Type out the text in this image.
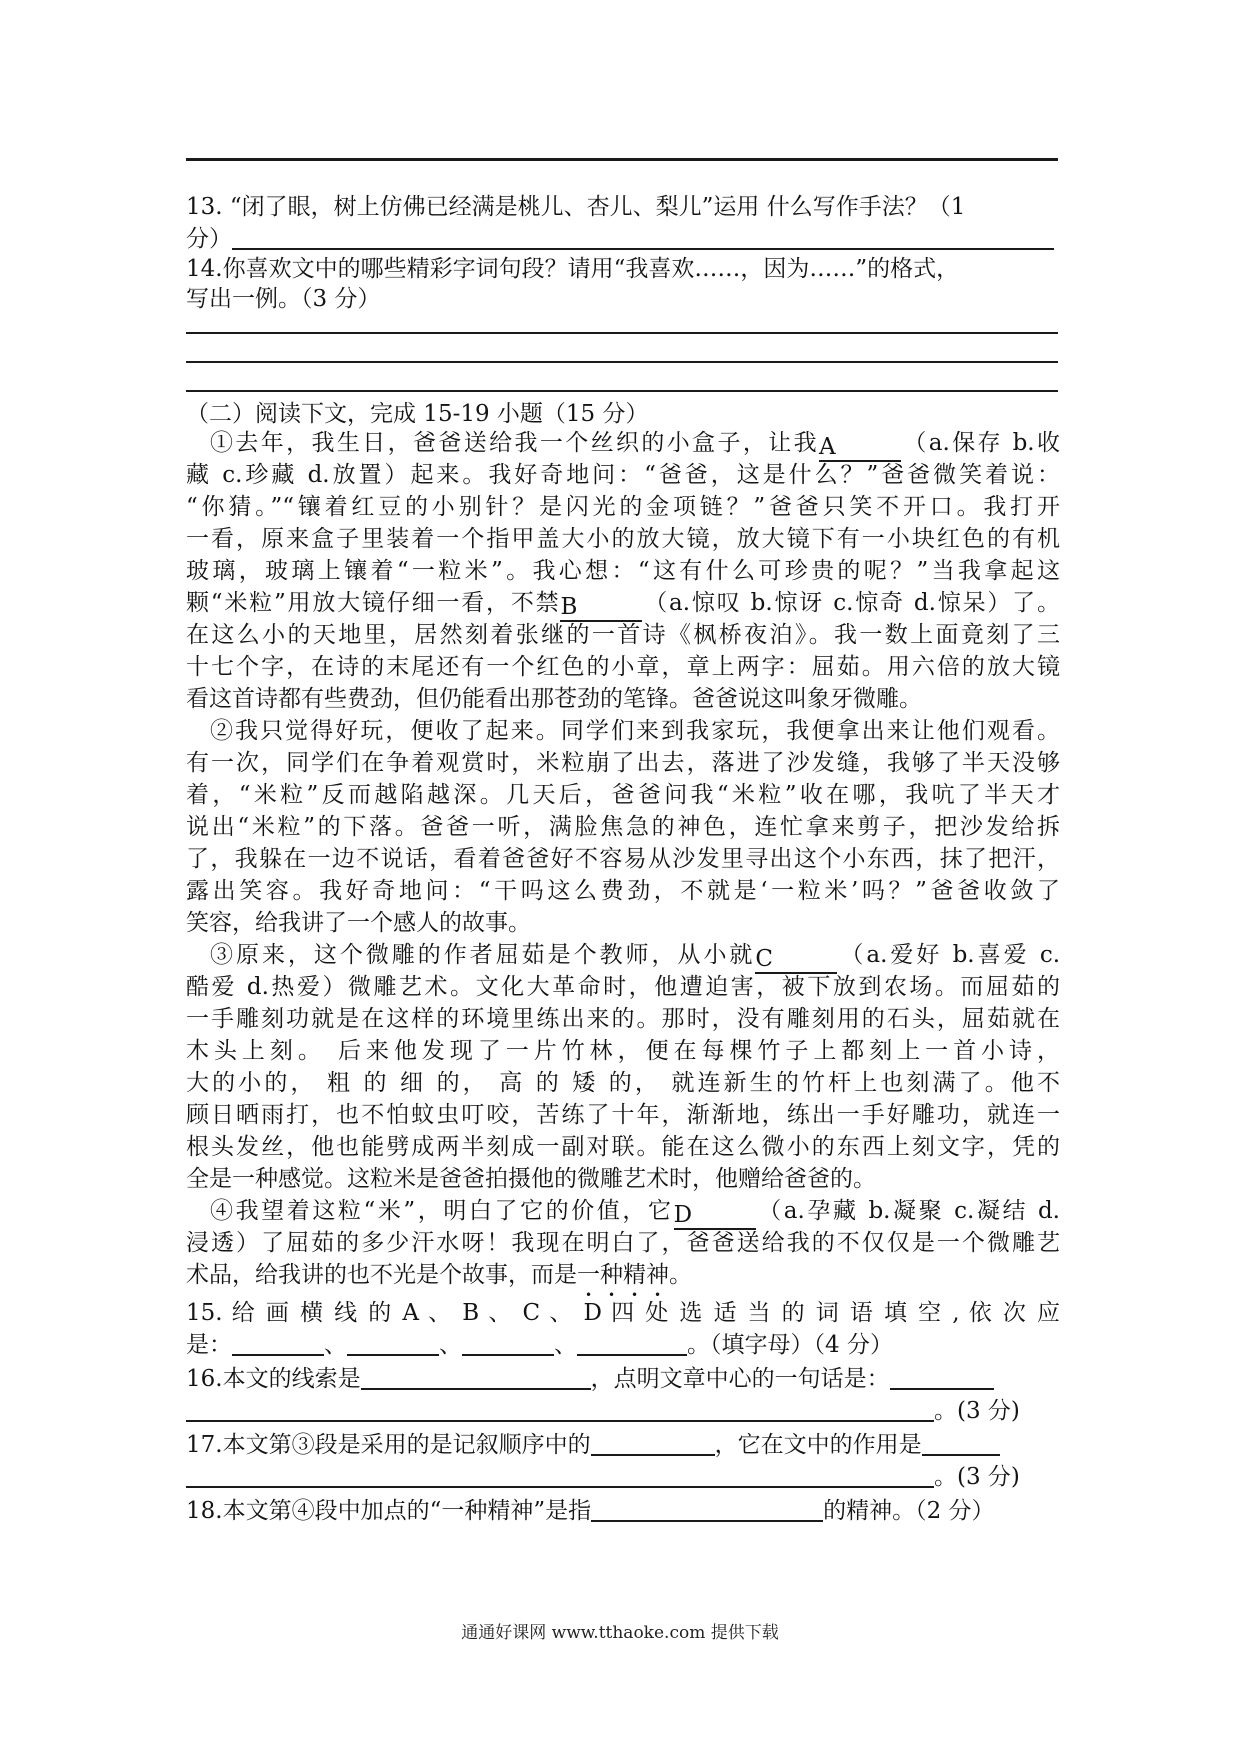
13. “闭了眼，树上仿佛已经满是桃儿、杏儿、梨儿”运用 什么写作手法？（1
分）
14.你喜欢文中的哪些精彩字词句段？请用“我喜欢……，因为……”的格式，
写出一例。（3 分）
（二）阅读下文，完成 15-19 小题（15 分）
①去年，我生日，爸爸送给我一个丝织的小盒子，让我A	（a.保存 b.收
藏 c.珍藏 d.放置）起来。我好奇地问：“爸爸，这是什么？”爸爸微笑着说：
“你猜。”“镶着红豆的小别针？是闪光的金项链？”爸爸只笑不开口。我打开
一看，原来盒子里装着一个指甲盖大小的放大镜，放大镜下有一小块红色的有机
玻璃，玻璃上镶着“一粒米”。我心想：“这有什么可珍贵的呢？”当我拿起这
颗“米粒”用放大镜仔细一看，不禁B	（a.惊叹 b.惊讶 c.惊奇 d.惊呆）了。
在这么小的天地里，居然刻着张继的一首诗《枫桥夜泊》。我一数上面竟刻了三
十七个字，在诗的末尾还有一个红色的小章，章上两字：屈茹。用六倍的放大镜
看这首诗都有些费劲，但仍能看出那苍劲的笔锋。爸爸说这叫象牙微雕。
②我只觉得好玩，便收了起来。同学们来到我家玩，我便拿出来让他们观看。
有一次，同学们在争着观赏时，米粒崩了出去，落进了沙发缝，我够了半天没够
着，“米粒”反而越陷越深。几天后，爸爸问我“米粒”收在哪，我吭了半天才
说出“米粒”的下落。爸爸一听，满脸焦急的神色，连忙拿来剪子，把沙发给拆
了，我躲在一边不说话，看着爸爸好不容易从沙发里寻出这个小东西，抹了把汗，
露出笑容。我好奇地问：“干吗这么费劲，不就是‘一粒米’吗？”爸爸收敛了
笑容，给我讲了一个感人的故事。
③原来，这个微雕的作者屈茹是个教师，从小就C	（a.爱好 b.喜爱 c.
酷爱 d.热爱）微雕艺术。文化大革命时，他遭迫害，被下放到农场。而屈茹的
一手雕刻功就是在这样的环境里练出来的。那时，没有雕刻用的石头，屈茹就在
木头上刻。 后来他发现了一片竹林，便在每棵竹子上都刻上一首小诗，
大的小的， 粗 的 细 的， 高 的 矮 的， 就连新生的竹杆上也刻满了。他不
顾日晒雨打，也不怕蚊虫叮咬，苦练了十年，渐渐地，练出一手好雕功，就连一
根头发丝，他也能劈成两半刻成一副对联。能在这么微小的东西上刻文字，凭的
全是一种感觉。这粒米是爸爸拍摄他的微雕艺术时，他赠给爸爸的。
④我望着这粒“米”，明白了它的价值，它D	（a.孕藏 b.凝聚 c.凝结 d.
浸透）了屈茹的多少汗水呀！我现在明白了，爸爸送给我的不仅仅是一个微雕艺
术品，给我讲的也不光是个故事，而是一种精神。
15. 给 画 横 线 的 A 、 B 、 C 、 D 四 处 选 适 当 的 词 语 填 空 , 依 次 应
是：	、	、	、	。（填字母）（4 分）
16.本文的线索是	，点明文章中心的一句话是：
。(3 分)
17.本文第③段是采用的是记叙顺序中的	，它在文中的作用是
。(3 分)
18.本文第④段中加点的“一种精神”是指	的精神。（2 分）
通通好课网 www.tthaoke.com 提供下载
